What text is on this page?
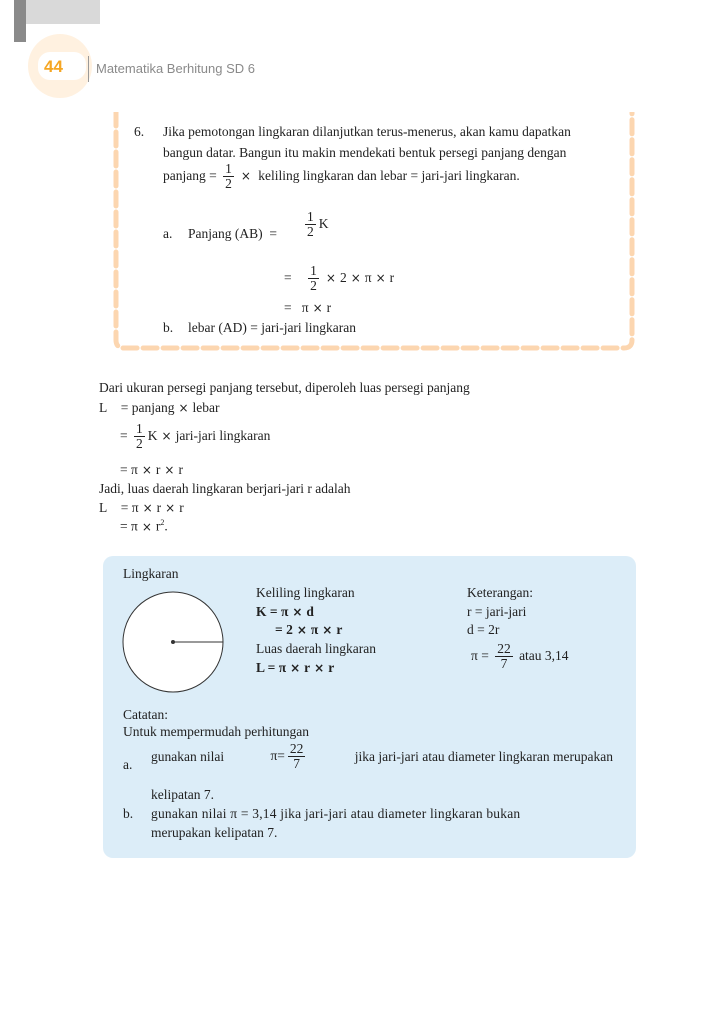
44	Matematika Berhitung SD 6
6. Jika pemotongan lingkaran dilanjutkan terus-menerus, akan kamu dapatkan
bangun datar. Bangun itu makin mendekati bentuk persegi panjang dengan
panjang = $\frac{1}{2}$ × keliling lingkaran dan lebar = jari-jari lingkaran.
a. Panjang $(AB) = \frac{1}{2}$ K
= $\frac{1}{2} \times 2 \times \pi \times r$
= π × r
b. lebar (AD) = jari-jari lingkaran
Dari ukuran persegi panjang tersebut, diperoleh luas persegi panjang
L = panjang × lebar
= $\frac{1}{2}$ K × jari-jari lingkaran
= π × r × r
Jadi, luas daerah lingkaran berjari-jari r adalah
L = π × r × r
= $\pi \times r^2$.
Lingkaran
Keliling lingkaran
K = π × d
= 2 × π × r
Luas daerah lingkaran
L = π × r × r
Keterangan:
r = jari-jari
d = 2r
$\pi = \frac{22}{7}$ atau 3,14
Catatan:
Untuk mempermudah perhitungan
a.
gunakan nilai	$\pi= \frac{22}{7}$	jika jari-jari atau diameter lingkaran merupakan
kelipatan 7.
b. gunakan nilai π = 3,14 jika jari-jari atau diameter lingkaran bukan
merupakan kelipatan 7.
